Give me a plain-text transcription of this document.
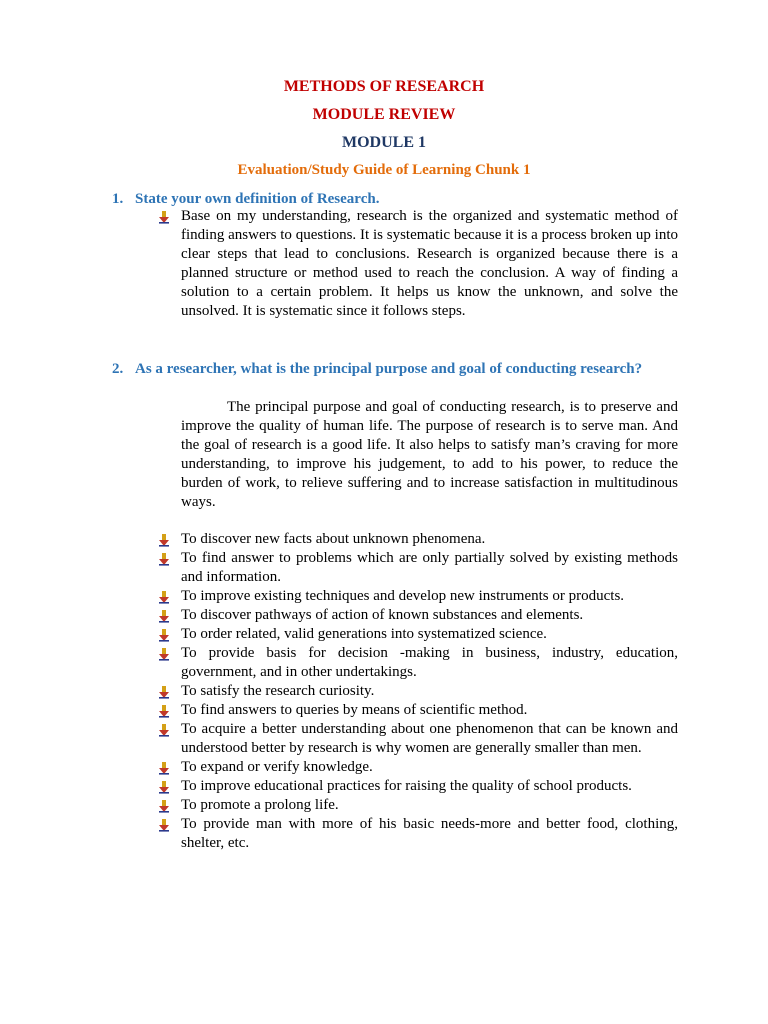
METHODS OF RESEARCH
MODULE REVIEW
MODULE 1
Evaluation/Study Guide of Learning Chunk 1
1. State your own definition of Research.
Base on my understanding, research is the organized and systematic method of finding answers to questions. It is systematic because it is a process broken up into clear steps that lead to conclusions. Research is organized because there is a planned structure or method used to reach the conclusion. A way of finding a solution to a certain problem. It helps us know the unknown, and solve the unsolved. It is systematic since it follows steps.
2. As a researcher, what is the principal purpose and goal of conducting research?

The principal purpose and goal of conducting research, is to preserve and improve the quality of human life. The purpose of research is to serve man. And the goal of research is a good life. It also helps to satisfy man’s craving for more understanding, to improve his judgement, to add to his power, to reduce the burden of work, to relieve suffering and to increase satisfaction in multitudinous ways.

To discover new facts about unknown phenomena.
To find answer to problems which are only partially solved by existing methods and information.
To improve existing techniques and develop new instruments or products.
To discover pathways of action of known substances and elements.
To order related, valid generations into systematized science.
To provide basis for decision -making in business, industry, education, government, and in other undertakings.
To satisfy the research curiosity.
To find answers to queries by means of scientific method.
To acquire a better understanding about one phenomenon that can be known and understood better by research is why women are generally smaller than men.
To expand or verify knowledge.
To improve educational practices for raising the quality of school products.
To promote a prolong life.
To provide man with more of his basic needs-more and better food, clothing, shelter, etc.
